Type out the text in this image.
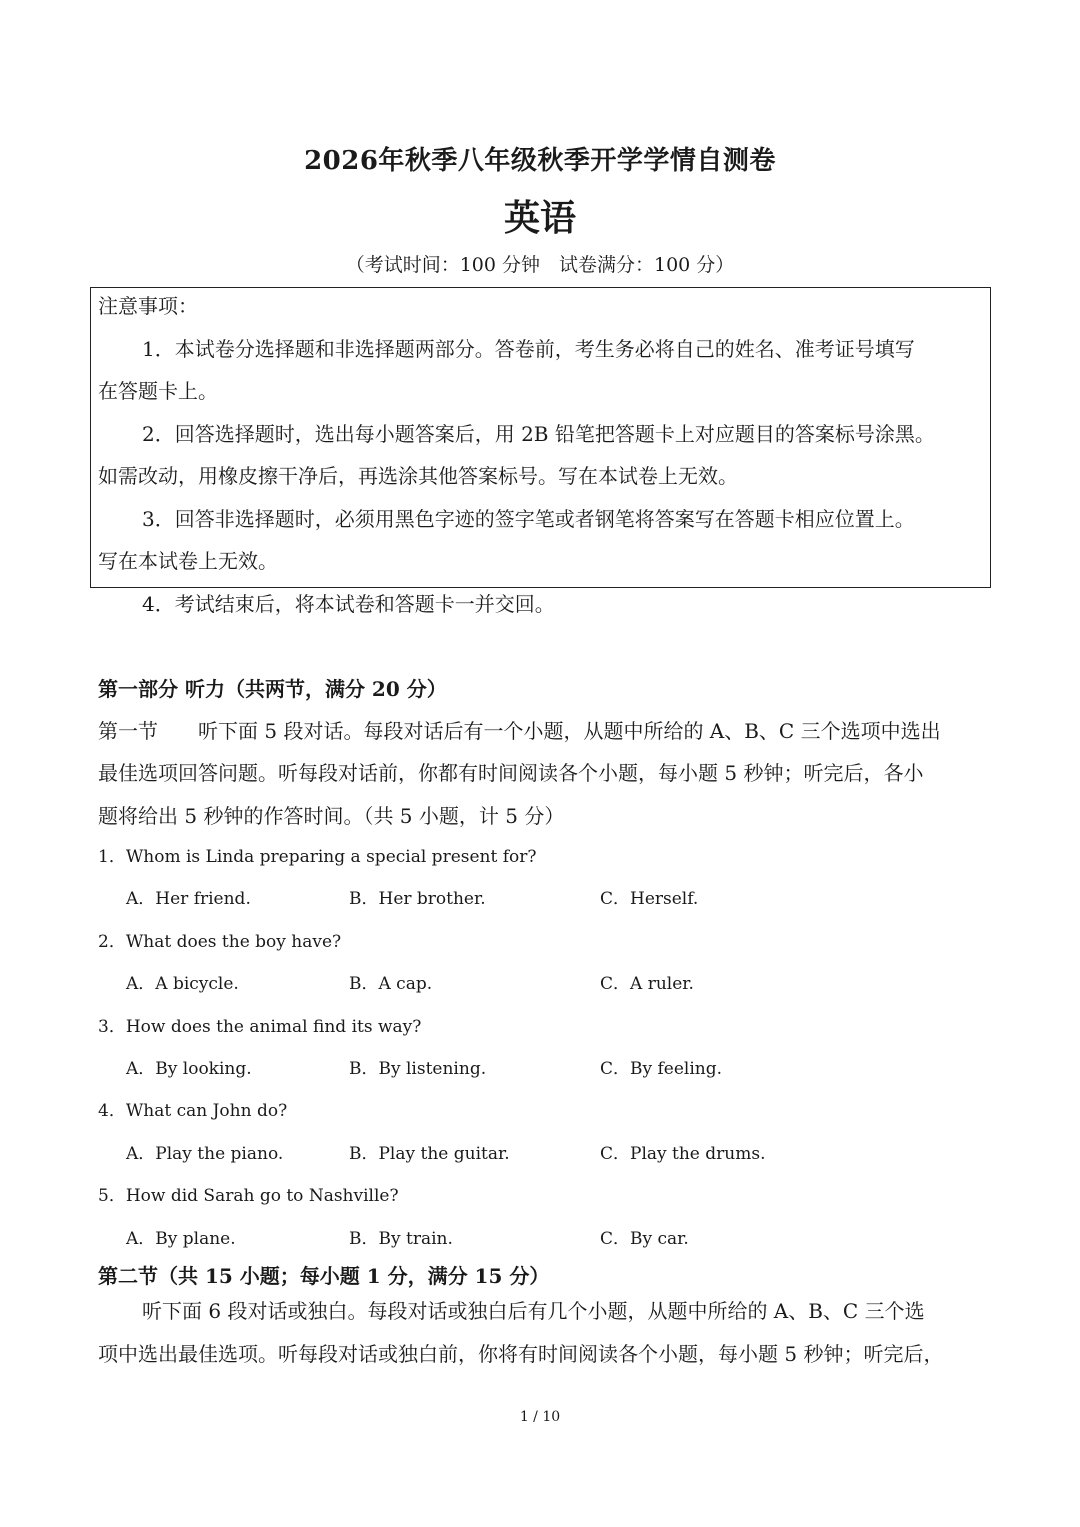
2026年秋季八年级秋季开学学情自测卷
英语
（考试时间：100 分钟　试卷满分：100 分）
注意事项：
1．本试卷分选择题和非选择题两部分。答卷前，考生务必将自己的姓名、准考证号填写
在答题卡上。
2．回答选择题时，选出每小题答案后，用 2B 铅笔把答题卡上对应题目的答案标号涂黑。
如需改动，用橡皮擦干净后，再选涂其他答案标号。写在本试卷上无效。
3．回答非选择题时，必须用黑色字迹的签字笔或者钢笔将答案写在答题卡相应位置上。
写在本试卷上无效。
4．考试结束后，将本试卷和答题卡一并交回。
第一部分 听力（共两节，满分 20 分）
第一节 听下面 5 段对话。每段对话后有一个小题，从题中所给的 A、B、C 三个选项中选出
最佳选项回答问题。听每段对话前，你都有时间阅读各个小题，每小题 5 秒钟；听完后，各小
题将给出 5 秒钟的作答时间。（共 5 小题，计 5 分）
1．Whom is Linda preparing a special present for?
A．Her friend.	B．Her brother.	C．Herself.
2．What does the boy have?
A．A bicycle.	B．A cap.	C．A ruler.
3．How does the animal find its way?
A．By looking.	B．By listening.	C．By feeling.
4．What can John do?
A．Play the piano.	B．Play the guitar.	C．Play the drums.
5．How did Sarah go to Nashville?
A．By plane.	B．By train.	C．By car.
第二节（共 15 小题；每小题 1 分，满分 15 分）
听下面 6 段对话或独白。每段对话或独白后有几个小题，从题中所给的 A、B、C 三个选
项中选出最佳选项。听每段对话或独白前，你将有时间阅读各个小题，每小题 5 秒钟；听完后，
1 / 10
